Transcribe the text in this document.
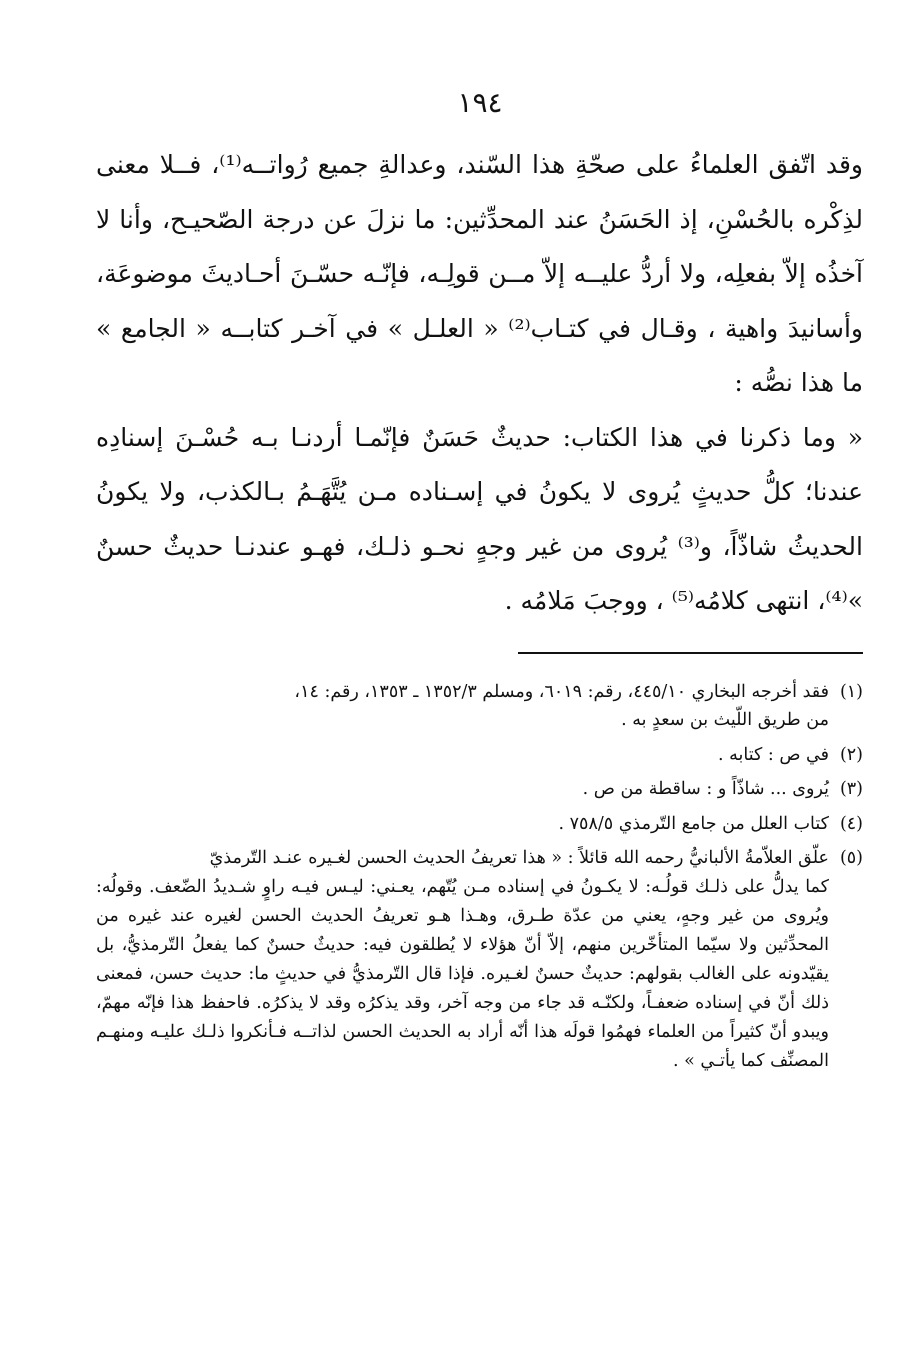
١٩٤

وقد اتّفق العلماءُ على صحّةِ هذا السّند، وعدالةِ جميع رُواتــه⁽¹⁾، فــلا معنى لذِكْره بالحُسْنِ، إذ الحَسَنُ عند المحدِّثين: ما نزلَ عن درجة الصّحيـح، وأنا لا آخذُه إلاّ بفعلِه، ولا أردُّ عليــه إلاّ مــن قولِـه، فإنّـه حسّـنَ أحـاديثَ موضوعَة، وأسانيدَ واهية ، وقـال في كتـاب⁽²⁾ « العلـل » في آخـر كتابــه « الجامع » ما هذا نصُّه :

« وما ذكرنا في هذا الكتاب: حديثٌ حَسَنٌ فإنّمـا أردنـا بـه حُسْـنَ إسنادِه عندنا؛ كلُّ حديثٍ يُروى لا يكونُ في إسـناده مـن يُتَّهَـمُ بـالكذب، ولا يكونُ الحديثُ شاذّاً، و⁽³⁾ يُروى من غير وجهٍ نحـو ذلـك، فهـو عندنـا حديثٌ حسنٌ »⁽⁴⁾، انتهى كلامُه⁽⁵⁾ ، ووجبَ مَلامُه .

(١)فقد أخرجه البخاري ٤٤٥/١٠، رقم: ٦٠١٩، ومسلم ١٣٥٢/٣ ـ ١٣٥٣، رقم: ١٤،
من طريق اللّيث بن سعدٍ به .
(٢)في ص : كتابه .
(٣)يُروى ... شاذّاً و : ساقطة من ص .
(٤)كتاب العلل من جامع التّرمذي ٧٥٨/٥ .
(٥)علّق العلاّمةُ الألبانيُّ رحمه الله قائلاً : « هذا تعريفُ الحديث الحسن لغـيره عنـد التّرمذيّ
كما يدلُّ على ذلـك قولُـه: لا يكـونُ في إسناده مـن يُتّهم، يعـني: ليـس فيـه راوٍ شـديدُ الضّعف. وقولُه: ويُروى من غير وجهٍ، يعني من عدّة طـرق، وهـذا هـو تعريفُ الحديث الحسن لغيره عند غيره من المحدِّثين ولا سيّما المتأخّرين منهم، إلاّ أنّ هؤلاء لا يُطلقون فيه: حديثٌ حسنٌ كما يفعلُ التّرمذيُّ، بل يقيّدونه على الغالب بقولهم: حديثٌ حسنٌ لغـيره. فإذا قال التّرمذيُّ في حديثٍ ما: حديث حسن، فمعنى ذلك أنّ في إسناده ضعفـاً، ولكنّـه قد جاء من وجه آخر، وقد يذكرُه وقد لا يذكرُه. فاحفظ هذا فإنّه مهمّ، ويبدو أنّ كثيراً من العلماء فهمُوا قولَه هذا أنّه أراد به الحديث الحسن لذاتــه فـأنكروا ذلـك عليـه ومنهـم المصنِّف كما يأتـي » .
